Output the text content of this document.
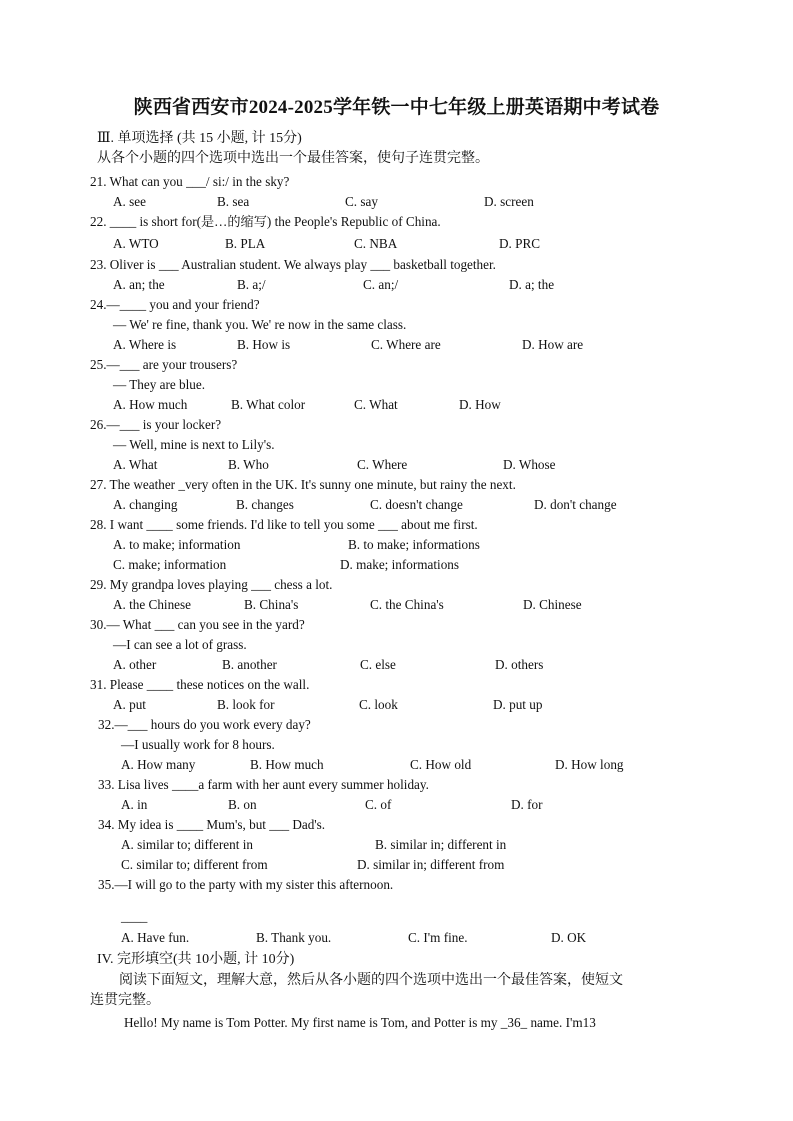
陕西省西安市2024-2025学年铁一中七年级上册英语期中考试卷
Ⅲ. 单项选择 (共 15 小题, 计 15分)
从各个小题的四个选项中选出一个最佳答案，使句子连贯完整。
21. What can you ___/ si:/ in the sky?
A. see	B. sea	C. say	D. screen
22. ____ is short for(是…的缩写) the People's Republic of China.
A. WTO	B. PLA	C. NBA	D. PRC
23. Oliver is ___ Australian student. We always play ___ basketball together.
A. an; the	B. a;/	C. an;/	D. a; the
24.—____ you and your friend?
— We' re fine, thank you. We' re now in the same class.
A. Where is	B. How is	C. Where are	D. How are
25.—___ are your trousers?
— They are blue.
A. How much	B. What color	C. What	D. How
26.—___ is your locker?
— Well, mine is next to Lily's.
A. What	B. Who	C. Where	D. Whose
27. The weather _very often in the UK. It's sunny one minute, but rainy the next.
A. changing	B. changes	C. doesn't change	D. don't change
28. I want ____ some friends. I'd like to tell you some ___ about me first.
A. to make; information	B. to make; informations
C. make; information	D. make; informations
29. My grandpa loves playing ___ chess a lot.
A. the Chinese	B. China's	C. the China's	D. Chinese
30.— What ___ can you see in the yard?
—I can see a lot of grass.
A. other	B. another	C. else	D. others
31. Please ____ these notices on the wall.
A. put	B. look for	C. look	D. put up
32.—___ hours do you work every day?
—I usually work for 8 hours.
A. How many	B. How much	C. How old	D. How long
33. Lisa lives ____a farm with her aunt every summer holiday.
A. in	B. on	C. of	D. for
34. My idea is ____ Mum's, but ___ Dad's.
A. similar to; different in	B. similar in; different in
C. similar to; different from	D. similar in; different from
35.—I will go to the party with my sister this afternoon.
____
A. Have fun.	B. Thank you.	C. I'm fine.	D. OK
IV. 完形填空(共 10小题, 计 10分)
阅读下面短文，理解大意，然后从各小题的四个选项中选出一个最佳答案，使短文
连贯完整。
Hello! My name is Tom Potter. My first name is Tom, and Potter is my _36_ name. I'm13
